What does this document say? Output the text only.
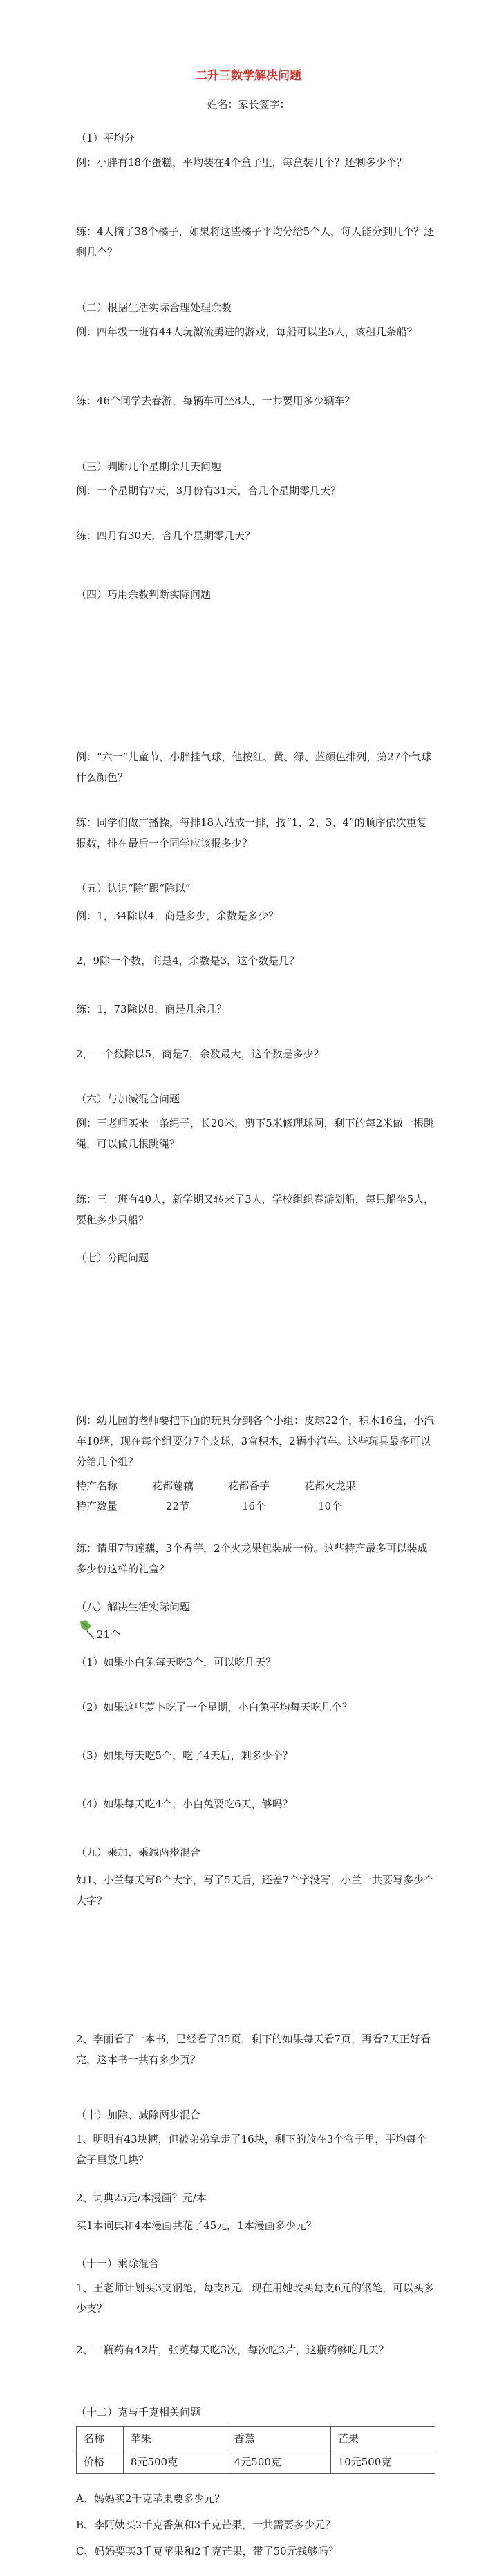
二升三数学解决问题
姓名：家长签字：
（1）平均分
例：小胖有18个蛋糕，平均装在4个盒子里，每盒装几个？还剩多少个？
练：4人摘了38个橘子，如果将这些橘子平均分给5个人，每人能分到几个？还剩几个？
（二）根据生活实际合理处理余数
例：四年级一班有44人玩激流勇进的游戏，每船可以坐5人，该租几条船？
练：46个同学去春游，每辆车可坐8人，一共要用多少辆车？
（三）判断几个星期余几天问题
例：一个星期有7天，3月份有31天，合几个星期零几天？
练：四月有30天，合几个星期零几天？
（四）巧用余数判断实际问题
例：“六一”儿童节，小胖挂气球，他按红、黄、绿、蓝颜色排列，第27个气球什么颜色？
练：同学们做广播操，每排18人站成一排，按“1、2、3、4”的顺序依次重复报数，排在最后一个同学应该报多少？
（五）认识“除”跟“除以”
例：1，34除以4，商是多少，余数是多少？
2，9除一个数，商是4，余数是3，这个数是几？
练：1，73除以8，商是几余几？
2，一个数除以5，商是7，余数最大，这个数是多少？
（六）与加减混合问题
例：王老师买来一条绳子，长20米，剪下5米修理球网，剩下的每2米做一根跳绳，可以做几根跳绳？
练：三一班有40人，新学期又转来了3人，学校组织春游划船，每只船坐5人，要租多少只船？
（七）分配问题
例：幼儿园的老师要把下面的玩具分到各个小组：皮球22个，积木16盒，小汽车10辆，现在每个组要分7个皮球，3盒积木，2辆小汽车。这些玩具最多可以分给几个组？
特产名称	花都莲藕	花都香芋	花都火龙果
特产数量	22节	16个	10个
练：请用7节莲藕，3个香芋，2个火龙果包装成一份。这些特产最多可以装成多少份这样的礼盒？
（八）解决生活实际问题
21个
（1）如果小白兔每天吃3个，可以吃几天？
（2）如果这些萝卜吃了一个星期，小白兔平均每天吃几个？
（3）如果每天吃5个，吃了4天后，剩多少个？
（4）如果每天吃4个，小白兔要吃6天，够吗？
（九）乘加、乘减两步混合
如1、小兰每天写8个大字，写了5天后，还差7个字没写，小兰一共要写多少个大字？
2、李丽看了一本书，已经看了35页，剩下的如果每天看7页，再看7天正好看完，这本书一共有多少页？
（十）加除、减除两步混合
1、明明有43块糖，但被弟弟拿走了16块，剩下的放在3个盒子里，平均每个盒子里放几块？
2、词典25元/本漫画？元/本
买1本词典和4本漫画共花了45元，1本漫画多少元？
（十一）乘除混合
1、王老师计划买3支钢笔，每支8元，现在用她改买每支6元的钢笔，可以买多少支？
2、一瓶药有42片，张英每天吃3次，每次吃2片，这瓶药够吃几天？
（十二）克与千克相关问题
名称	苹果	香蕉	芒果
价格	8元500克	4元500克	10元500克
A、妈妈买2千克苹果要多少元？
B、李阿姨买2千克香蕉和3千克芒果，一共需要多少元？
C、妈妈要买3千克苹果和2千克芒果，带了50元钱够吗？
